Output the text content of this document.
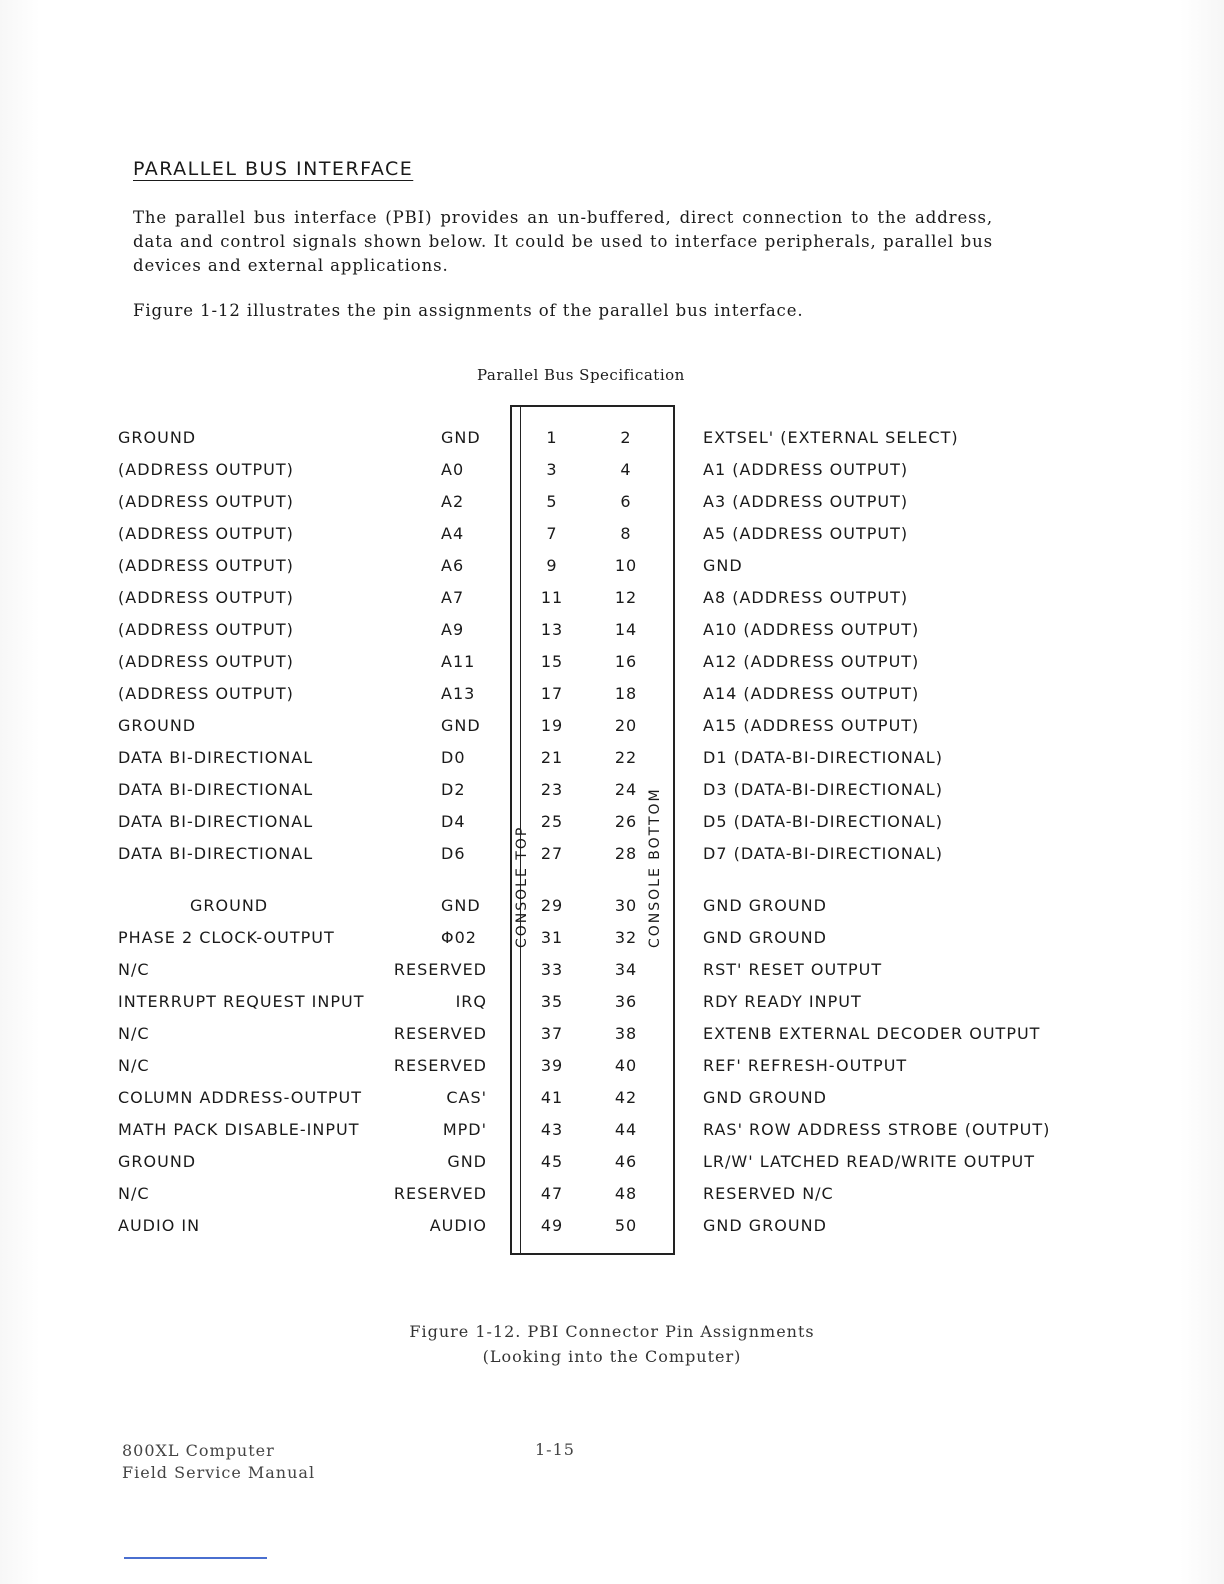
PARALLEL BUS INTERFACE
The parallel bus interface (PBI) provides an un-buffered, direct connection to the address, data and control signals shown below. It could be used to interface peripherals, parallel bus devices and external applications.
Figure 1-12 illustrates the pin assignments of the parallel bus interface.
Parallel Bus Specification
CONSOLE TOP	CONSOLE BOTTOM
GROUND	GND	1	2	EXTSEL' (EXTERNAL SELECT)
(ADDRESS OUTPUT)	A0	3	4	A1 (ADDRESS OUTPUT)
(ADDRESS OUTPUT)	A2	5	6	A3 (ADDRESS OUTPUT)
(ADDRESS OUTPUT)	A4	7	8	A5 (ADDRESS OUTPUT)
(ADDRESS OUTPUT)	A6	9	10	GND
(ADDRESS OUTPUT)	A7	11	12	A8 (ADDRESS OUTPUT)
(ADDRESS OUTPUT)	A9	13	14	A10 (ADDRESS OUTPUT)
(ADDRESS OUTPUT)	A11	15	16	A12 (ADDRESS OUTPUT)
(ADDRESS OUTPUT)	A13	17	18	A14 (ADDRESS OUTPUT)
GROUND	GND	19	20	A15 (ADDRESS OUTPUT)
DATA BI-DIRECTIONAL	D0	21	22	D1 (DATA-BI-DIRECTIONAL)
DATA BI-DIRECTIONAL	D2	23	24	D3 (DATA-BI-DIRECTIONAL)
DATA BI-DIRECTIONAL	D4	25	26	D5 (DATA-BI-DIRECTIONAL)
DATA BI-DIRECTIONAL	D6	27	28	D7 (DATA-BI-DIRECTIONAL)
GROUND	GND	29	30	GND GROUND
PHASE 2 CLOCK-OUTPUT	Φ02	31	32	GND GROUND
N/C	RESERVED	33	34	RST' RESET OUTPUT
INTERRUPT REQUEST INPUT	IRQ	35	36	RDY READY INPUT
N/C	RESERVED	37	38	EXTENB EXTERNAL DECODER OUTPUT
N/C	RESERVED	39	40	REF' REFRESH-OUTPUT
COLUMN ADDRESS-OUTPUT	CAS'	41	42	GND GROUND
MATH PACK DISABLE-INPUT	MPD'	43	44	RAS' ROW ADDRESS STROBE (OUTPUT)
GROUND	GND	45	46	LR/W' LATCHED READ/WRITE OUTPUT
N/C	RESERVED	47	48	RESERVED N/C
AUDIO IN	AUDIO	49	50	GND GROUND
Figure 1-12. PBI Connector Pin Assignments
(Looking into the Computer)
800XL Computer
Field Service Manual
1-15
